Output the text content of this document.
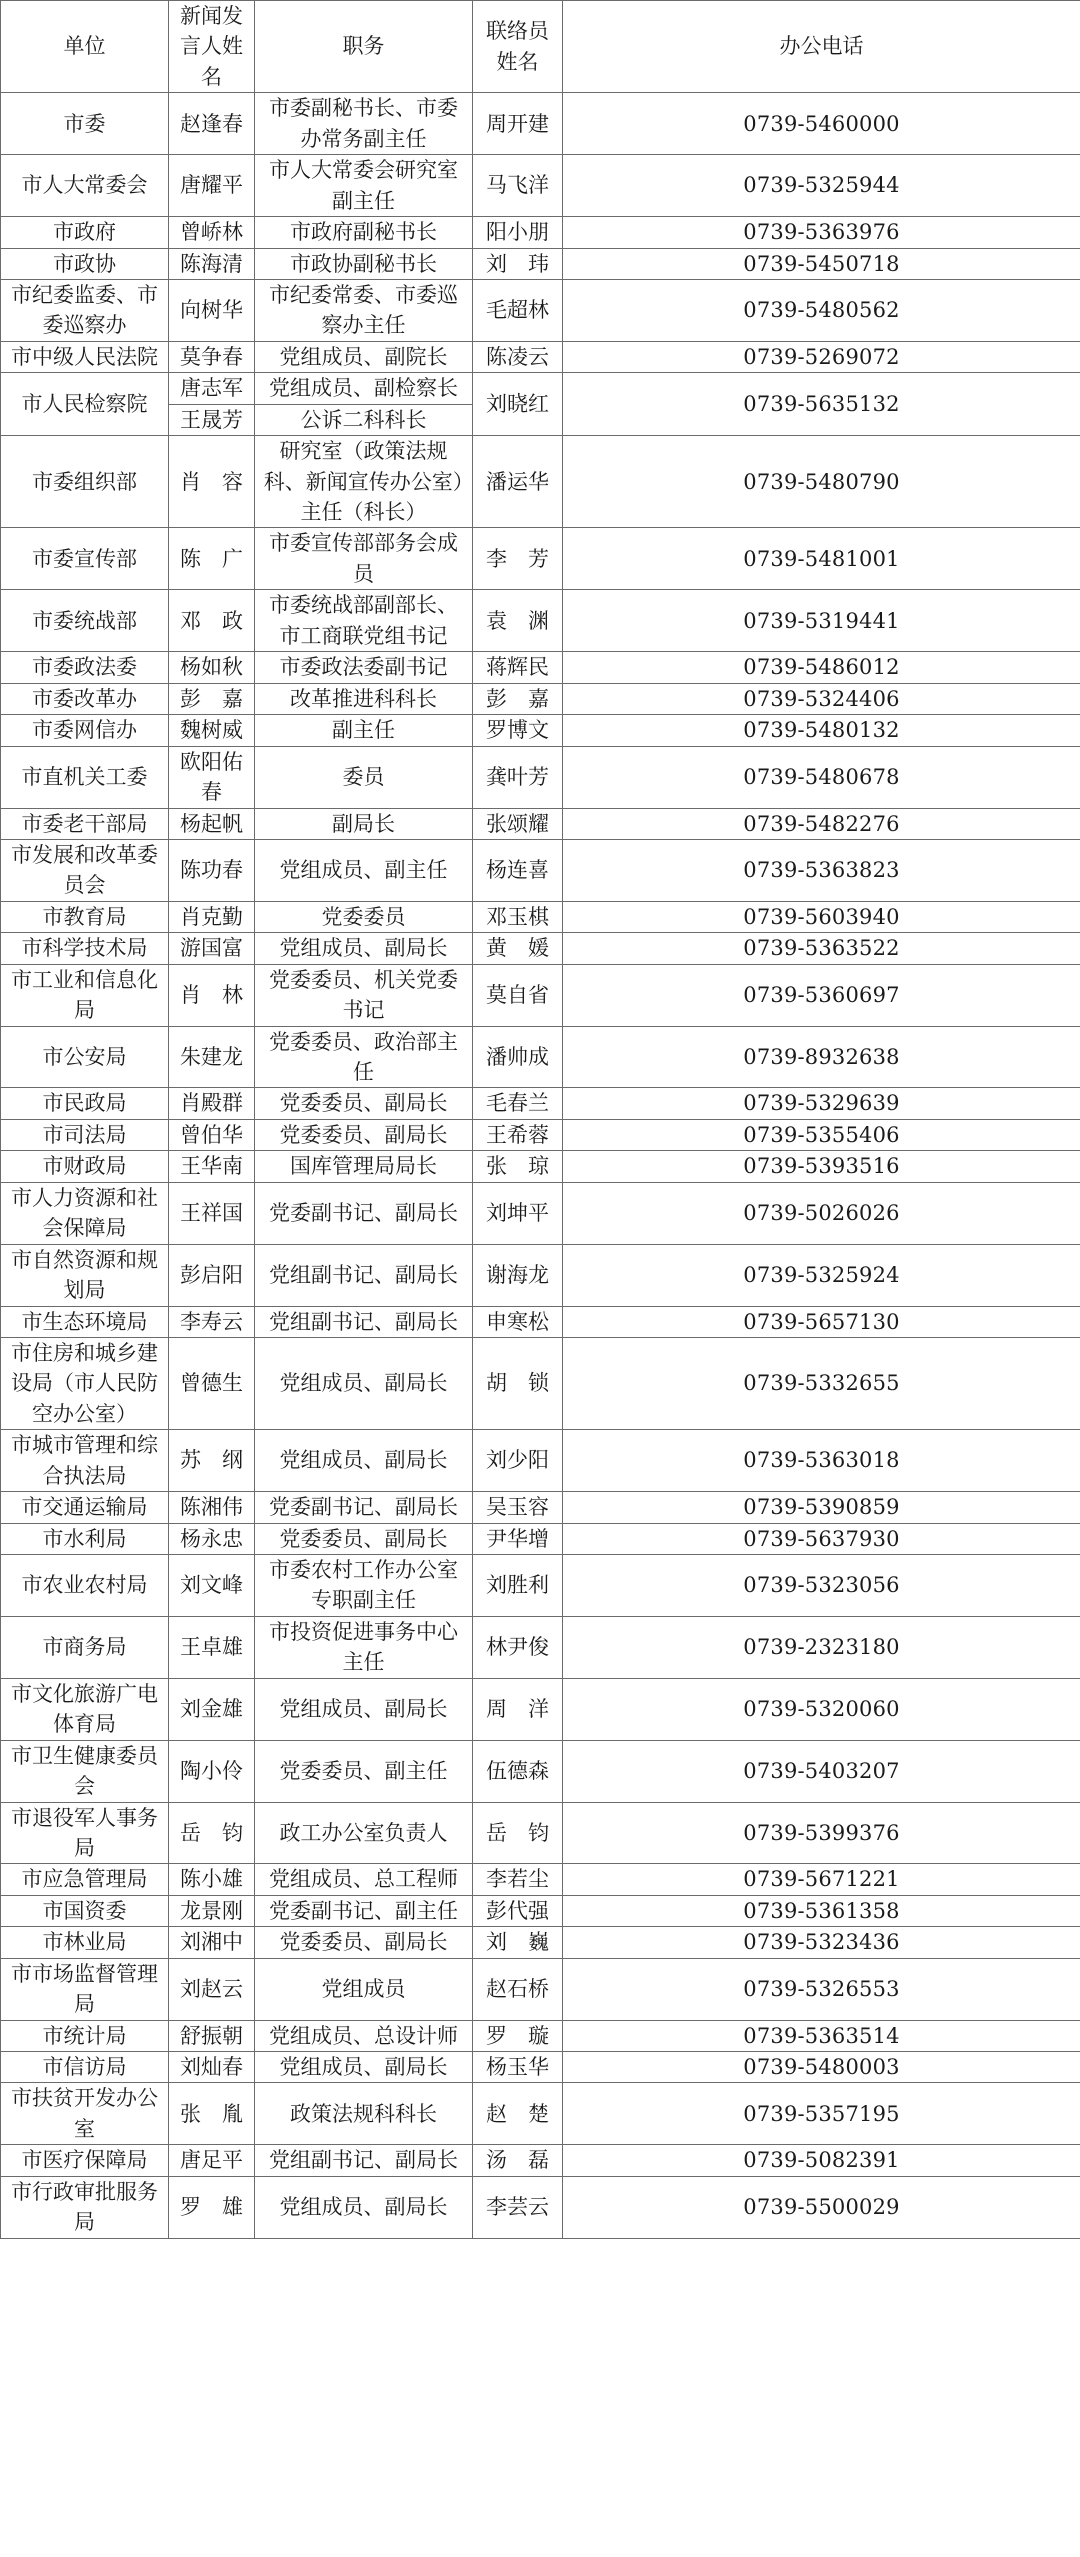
单位	新闻发言人姓名	职务	联络员姓名	办公电话
市委	赵逢春	市委副秘书长、市委办常务副主任	周开建	0739-5460000
市人大常委会	唐耀平	市人大常委会研究室副主任	马飞洋	0739-5325944
市政府	曾峤林	市政府副秘书长	阳小朋	0739-5363976
市政协	陈海清	市政协副秘书长	刘　玮	0739-5450718
市纪委监委、市委巡察办	向树华	市纪委常委、市委巡察办主任	毛超林	0739-5480562
市中级人民法院	莫争春	党组成员、副院长	陈凌云	0739-5269072
市人民检察院	唐志军	党组成员、副检察长	刘晓红	0739-5635132
	王晟芳	公诉二科科长		
市委组织部	肖　容	研究室（政策法规科、新闻宣传办公室）主任（科长）	潘运华	0739-5480790
市委宣传部	陈　广	市委宣传部部务会成员	李　芳	0739-5481001
市委统战部	邓　政	市委统战部副部长、市工商联党组书记	袁　渊	0739-5319441
市委政法委	杨如秋	市委政法委副书记	蒋辉民	0739-5486012
市委改革办	彭　嘉	改革推进科科长	彭　嘉	0739-5324406
市委网信办	魏树威	副主任	罗博文	0739-5480132
市直机关工委	欧阳佑春	委员	龚叶芳	0739-5480678
市委老干部局	杨起帆	副局长	张颂耀	0739-5482276
市发展和改革委员会	陈功春	党组成员、副主任	杨连喜	0739-5363823
市教育局	肖克勤	党委委员	邓玉棋	0739-5603940
市科学技术局	游国富	党组成员、副局长	黄　媛	0739-5363522
市工业和信息化局	肖　林	党委委员、机关党委书记	莫自省	0739-5360697
市公安局	朱建龙	党委委员、政治部主任	潘帅成	0739-8932638
市民政局	肖殿群	党委委员、副局长	毛春兰	0739-5329639
市司法局	曾伯华	党委委员、副局长	王希蓉	0739-5355406
市财政局	王华南	国库管理局局长	张　琼	0739-5393516
市人力资源和社会保障局	王祥国	党委副书记、副局长	刘坤平	0739-5026026
市自然资源和规划局	彭启阳	党组副书记、副局长	谢海龙	0739-5325924
市生态环境局	李寿云	党组副书记、副局长	申寒松	0739-5657130
市住房和城乡建设局（市人民防空办公室）	曾德生	党组成员、副局长	胡　锁	0739-5332655
市城市管理和综合执法局	苏　纲	党组成员、副局长	刘少阳	0739-5363018
市交通运输局	陈湘伟	党委副书记、副局长	吴玉容	0739-5390859
市水利局	杨永忠	党委委员、副局长	尹华增	0739-5637930
市农业农村局	刘文峰	市委农村工作办公室专职副主任	刘胜利	0739-5323056
市商务局	王卓雄	市投资促进事务中心主任	林尹俊	0739-2323180
市文化旅游广电体育局	刘金雄	党组成员、副局长	周　洋	0739-5320060
市卫生健康委员会	陶小伶	党委委员、副主任	伍德森	0739-5403207
市退役军人事务局	岳　钧	政工办公室负责人	岳　钧	0739-5399376
市应急管理局	陈小雄	党组成员、总工程师	李若尘	0739-5671221
市国资委	龙景刚	党委副书记、副主任	彭代强	0739-5361358
市林业局	刘湘中	党委委员、副局长	刘　巍	0739-5323436
市市场监督管理局	刘赵云	党组成员	赵石桥	0739-5326553
市统计局	舒振朝	党组成员、总设计师	罗　璇	0739-5363514
市信访局	刘灿春	党组成员、副局长	杨玉华	0739-5480003
市扶贫开发办公室	张　胤	政策法规科科长	赵　楚	0739-5357195
市医疗保障局	唐足平	党组副书记、副局长	汤　磊	0739-5082391
市行政审批服务局	罗　雄	党组成员、副局长	李芸云	0739-5500029
